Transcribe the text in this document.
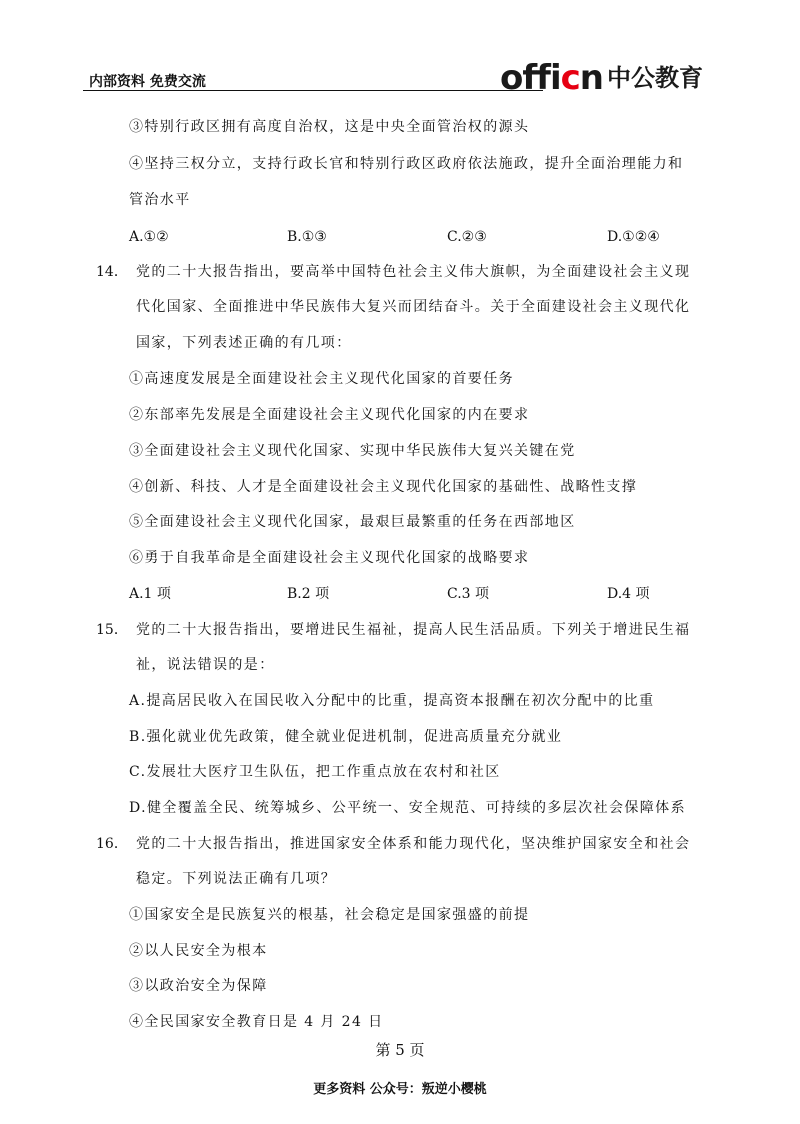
内部资料 免费交流	officn 中公教育
③特别行政区拥有高度自治权，这是中央全面管治权的源头
④坚持三权分立，支持行政长官和特别行政区政府依法施政，提升全面治理能力和
管治水平
A.①②	B.①③	C.②③	D.①②④
14． 党的二十大报告指出，要高举中国特色社会主义伟大旗帜，为全面建设社会主义现
代化国家、全面推进中华民族伟大复兴而团结奋斗。关于全面建设社会主义现代化
国家，下列表述正确的有几项：
①高速度发展是全面建设社会主义现代化国家的首要任务
②东部率先发展是全面建设社会主义现代化国家的内在要求
③全面建设社会主义现代化国家、实现中华民族伟大复兴关键在党
④创新、科技、人才是全面建设社会主义现代化国家的基础性、战略性支撑
⑤全面建设社会主义现代化国家，最艰巨最繁重的任务在西部地区
⑥勇于自我革命是全面建设社会主义现代化国家的战略要求
A.1 项	B.2 项	C.3 项	D.4 项
15． 党的二十大报告指出，要增进民生福祉，提高人民生活品质。下列关于增进民生福
祉，说法错误的是：
A.提高居民收入在国民收入分配中的比重，提高资本报酬在初次分配中的比重
B.强化就业优先政策，健全就业促进机制，促进高质量充分就业
C.发展壮大医疗卫生队伍，把工作重点放在农村和社区
D.健全覆盖全民、统筹城乡、公平统一、安全规范、可持续的多层次社会保障体系
16． 党的二十大报告指出，推进国家安全体系和能力现代化，坚决维护国家安全和社会
稳定。下列说法正确有几项？
①国家安全是民族复兴的根基，社会稳定是国家强盛的前提
②以人民安全为根本
③以政治安全为保障
④全民国家安全教育日是 4 月 24 日
第 5 页
更多资料 公众号：叛逆小樱桃
